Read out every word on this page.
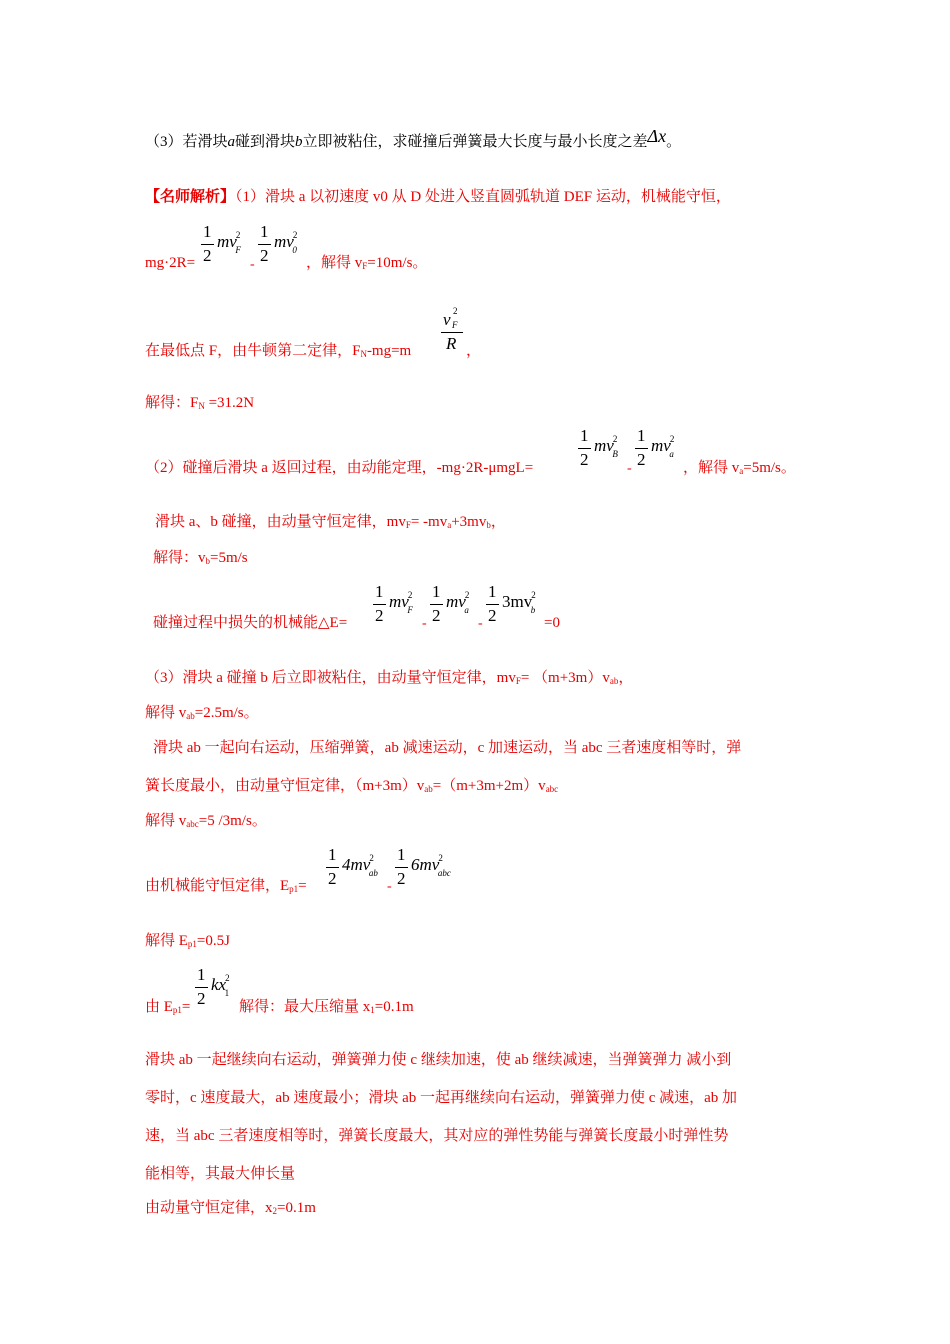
（3）若滑块a碰到滑块b立即被粘住，求碰撞后弹簧最大长度与最小长度之差Δx。
【名师解析】（1）滑块 a 以初速度 v0 从 D 处进入竖直圆弧轨道 DEF 运动，机械能守恒，
mg·2R=
1
2
$mv^2_F$
-
1
2
$mv^2_0$
，解得 $v_F=10m/s$。
在最低点 F，由牛顿第二定律，$F_N-mg=m$
v 2
F
R ，
解得：$F_N =31.2N$
（2）碰撞后滑块 a 返回过程，由动能定理，-mg·2R-μmgL=
1
2
$mv^2_B$
-
1
2
$mv^2_a$
，解得 $v_a=5m/s$。
滑块 a、b 碰撞，由动量守恒定律，$mv_F= -mv_a+3mv_b$，
解得：$v_b=5m/s$
碰撞过程中损失的机械能△E=
1
2
$mv^2_F$
-
1
2
$mv^2_a$
-
1
2
$3mv^2_b$
=0
（3）滑块 a 碰撞 b 后立即被粘住，由动量守恒定律，$mv_F= (m+3m)v_{ab}$，
解得 $v_{ab}=2.5m/s$。
滑块 ab 一起向右运动，压缩弹簧，ab 减速运动，c 加速运动，当 abc 三者速度相等时，弹
簧长度最小，由动量守恒定律，$(m+3m)v_{ab}=(m+3m+2m)v_{abc}$
解得 $v_{abc}=5$ /3m/s。
由机械能守恒定律，$E_{p1}=$
1
2
$4mv^2_{ab}$
-
1
2
$6mv^2_{abc}$
解得 $E_{p1}=0.5J$
由 $E_{p1}=$
1
2
$kx^2_1$
解得：最大压缩量 $x_1=0.1m$
滑块 ab 一起继续向右运动，弹簧弹力使 c 继续加速，使 ab 继续减速，当弹簧弹力 减小到
零时，c 速度最大，ab 速度最小；滑块 ab 一起再继续向右运动，弹簧弹力使 c 减速，ab 加
速，当 abc 三者速度相等时，弹簧长度最大，其对应的弹性势能与弹簧长度最小时弹性势
能相等，其最大伸长量
由动量守恒定律，$x_2=0.1m$
